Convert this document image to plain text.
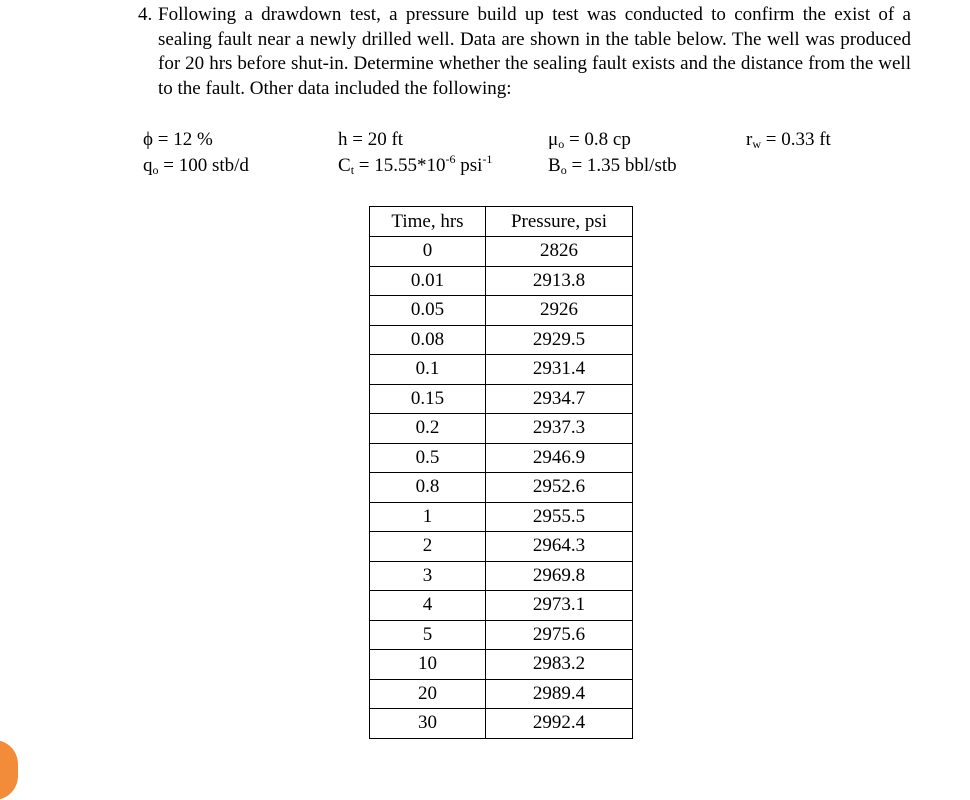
4. Following a drawdown test, a pressure build up test was conducted to confirm the exist of a sealing fault near a newly drilled well. Data are shown in the table below. The well was produced for 20 hrs before shut-in. Determine whether the sealing fault exists and the distance from the well to the fault. Other data included the following:
ϕ = 12 %	h = 20 ft	$\mu_o = 0.8$ cp	$r_w = 0.33$ ft
$q_o = 100$ stb/d	$C_t = 15.55*10^{-6}$ psi$^{-1}$	$B_o = 1.35$ bbl/stb
Time, hrs	Pressure, psi
0	2826
0.01	2913.8
0.05	2926
0.08	2929.5
0.1	2931.4
0.15	2934.7
0.2	2937.3
0.5	2946.9
0.8	2952.6
1	2955.5
2	2964.3
3	2969.8
4	2973.1
5	2975.6
10	2983.2
20	2989.4
30	2992.4
